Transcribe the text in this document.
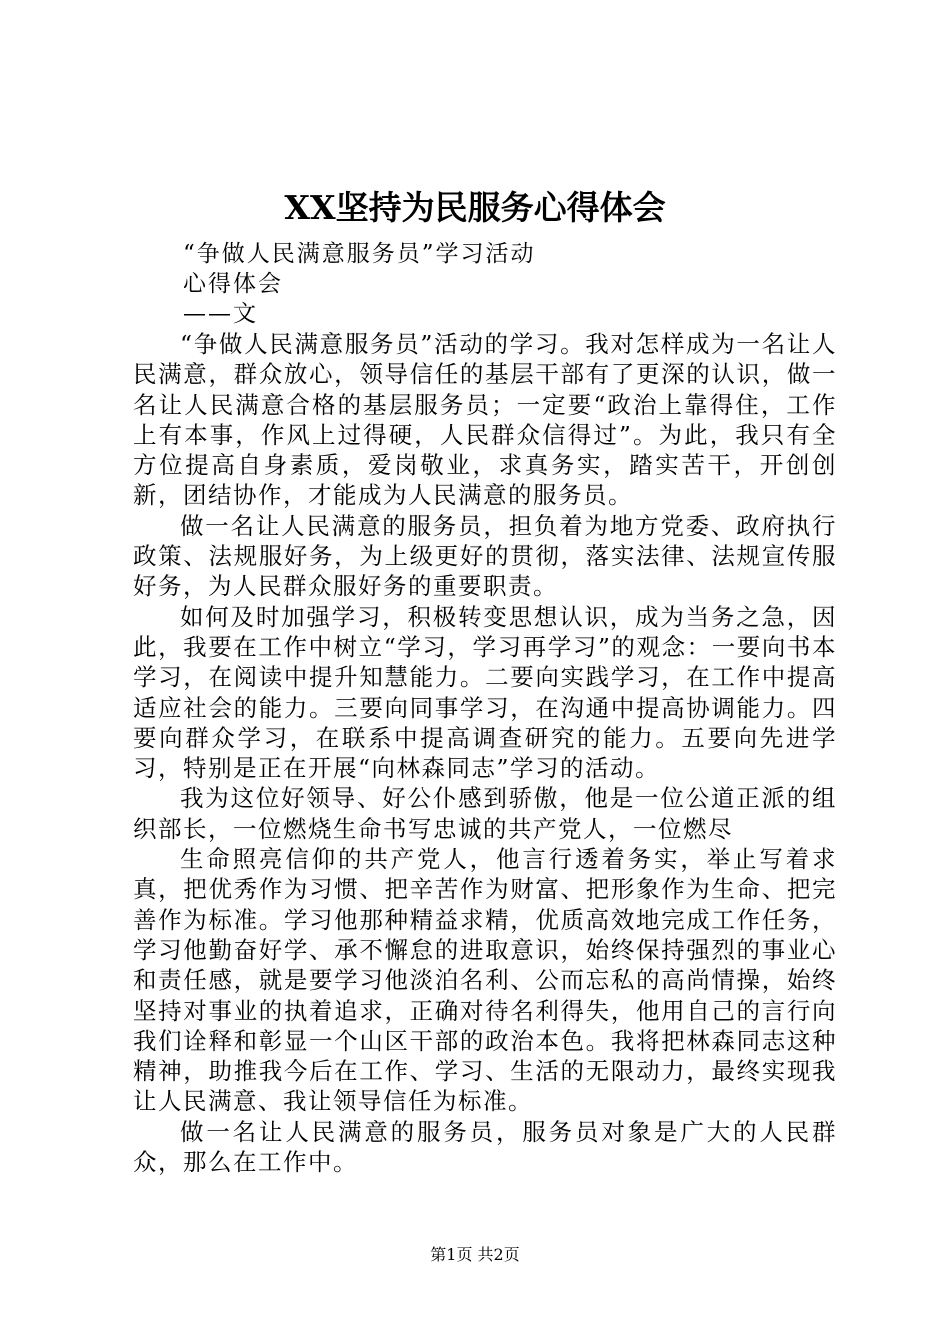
XX坚持为民服务心得体会
“争做人民满意服务员”学习活动
心得体会
——文

“争做人民满意服务员”活动的学习。我对怎样成为一名让人民满意，群众放心，领导信任的基层干部有了更深的认识，做一名让人民满意合格的基层服务员；一定要“政治上靠得住，工作上有本事，作风上过得硬，人民群众信得过”。为此，我只有全方位提高自身素质，爱岗敬业，求真务实，踏实苦干，开创创新，团结协作，才能成为人民满意的服务员。

做一名让人民满意的服务员，担负着为地方党委、政府执行政策、法规服好务，为上级更好的贯彻，落实法律、法规宣传服好务，为人民群众服好务的重要职责。

如何及时加强学习，积极转变思想认识，成为当务之急，因此，我要在工作中树立“学习，学习再学习”的观念：一要向书本学习，在阅读中提升知慧能力。二要向实践学习，在工作中提高适应社会的能力。三要向同事学习，在沟通中提高协调能力。四要向群众学习，在联系中提高调查研究的能力。五要向先进学习，特别是正在开展“向林森同志”学习的活动。

我为这位好领导、好公仆感到骄傲，他是一位公道正派的组织部长，一位燃烧生命书写忠诚的共产党人，一位燃尽

生命照亮信仰的共产党人，他言行透着务实，举止写着求真，把优秀作为习惯、把辛苦作为财富、把形象作为生命、把完善作为标准。学习他那种精益求精，优质高效地完成工作任务，学习他勤奋好学、承不懈怠的进取意识，始终保持强烈的事业心和责任感，就是要学习他淡泊名利、公而忘私的高尚情操，始终坚持对事业的执着追求，正确对待名利得失，他用自己的言行向我们诠释和彰显一个山区干部的政治本色。我将把林森同志这种精神，助推我今后在工作、学习、生活的无限动力，最终实现我让人民满意、我让领导信任为标准。

做一名让人民满意的服务员，服务员对象是广大的人民群众，那么在工作中。

第1页 共2页
